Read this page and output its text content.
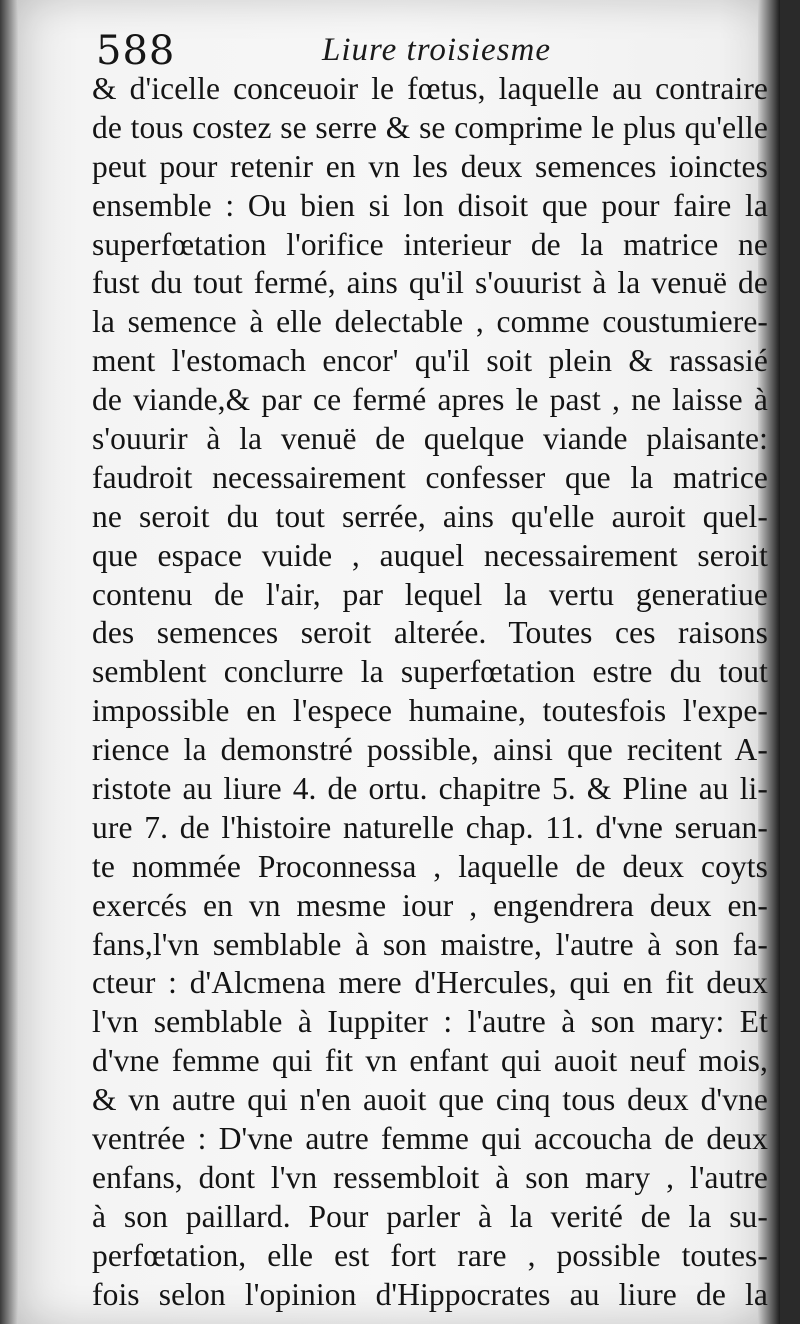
588	Liure troisiesme
& d'icelle conceuoir le fœtus, laquelle au contraire
de tous costez se serre & se comprime le plus qu'elle
peut pour retenir en vn les deux semences ioinctes
ensemble : Ou bien si lon disoit que pour faire la
superfœtation l'orifice interieur de la matrice ne
fust du tout fermé, ains qu'il s'ouurist à la venuë de
la semence à elle delectable , comme coustumiere-
ment l'estomach encor' qu'il soit plein & rassasié
de viande,& par ce fermé apres le past , ne laisse à
s'ouurir à la venuë de quelque viande plaisante:
faudroit necessairement confesser que la matrice
ne seroit du tout serrée, ains qu'elle auroit quel-
que espace vuide , auquel necessairement seroit
contenu de l'air, par lequel la vertu generatiue
des semences seroit alterée. Toutes ces raisons
semblent conclurre la superfœtation estre du tout
impossible en l'espece humaine, toutesfois l'expe-
rience la demonstré possible, ainsi que recitent A-
ristote au liure 4. de ortu. chapitre 5. & Pline au li-
ure 7. de l'histoire naturelle chap. 11. d'vne seruan-
te nommée Proconnessa , laquelle de deux coyts
exercés en vn mesme iour , engendrera deux en-
fans,l'vn semblable à son maistre, l'autre à son fa-
cteur : d'Alcmena mere d'Hercules, qui en fit deux
l'vn semblable à Iuppiter : l'autre à son mary: Et
d'vne femme qui fit vn enfant qui auoit neuf mois,
& vn autre qui n'en auoit que cinq tous deux d'vne
ventrée : D'vne autre femme qui accoucha de deux
enfans, dont l'vn ressembloit à son mary , l'autre
à son paillard. Pour parler à la verité de la su-
perfœtation, elle est fort rare , possible toutes-
fois selon l'opinion d'Hippocrates au liure de la
